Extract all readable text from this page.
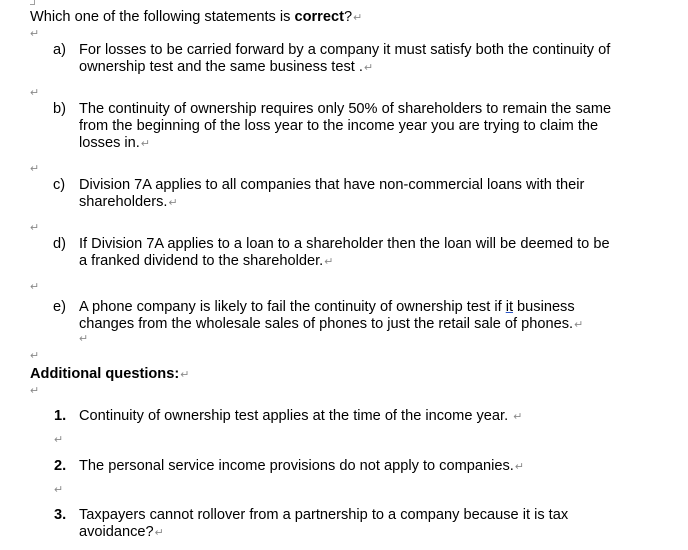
Which one of the following statements is correct?↵
↵
a) For losses to be carried forward by a company it must satisfy both the continuity of
ownership test and the same business test .↵
↵
b) The continuity of ownership requires only 50% of shareholders to remain the same
from the beginning of the loss year to the income year you are trying to claim the
losses in.↵
↵
c) Division 7A applies to all companies that have non-commercial loans with their
shareholders.↵
↵
d) If Division 7A applies to a loan to a shareholder then the loan will be deemed to be
a franked dividend to the shareholder.↵
↵
e) A phone company is likely to fail the continuity of ownership test if it business
changes from the wholesale sales of phones to just the retail sale of phones.↵
↵
↵
Additional questions:↵
↵
1. Continuity of ownership test applies at the time of the income year. ↵
↵
2. The personal service income provisions do not apply to companies.↵
↵
3. Taxpayers cannot rollover from a partnership to a company because it is tax
avoidance?↵
